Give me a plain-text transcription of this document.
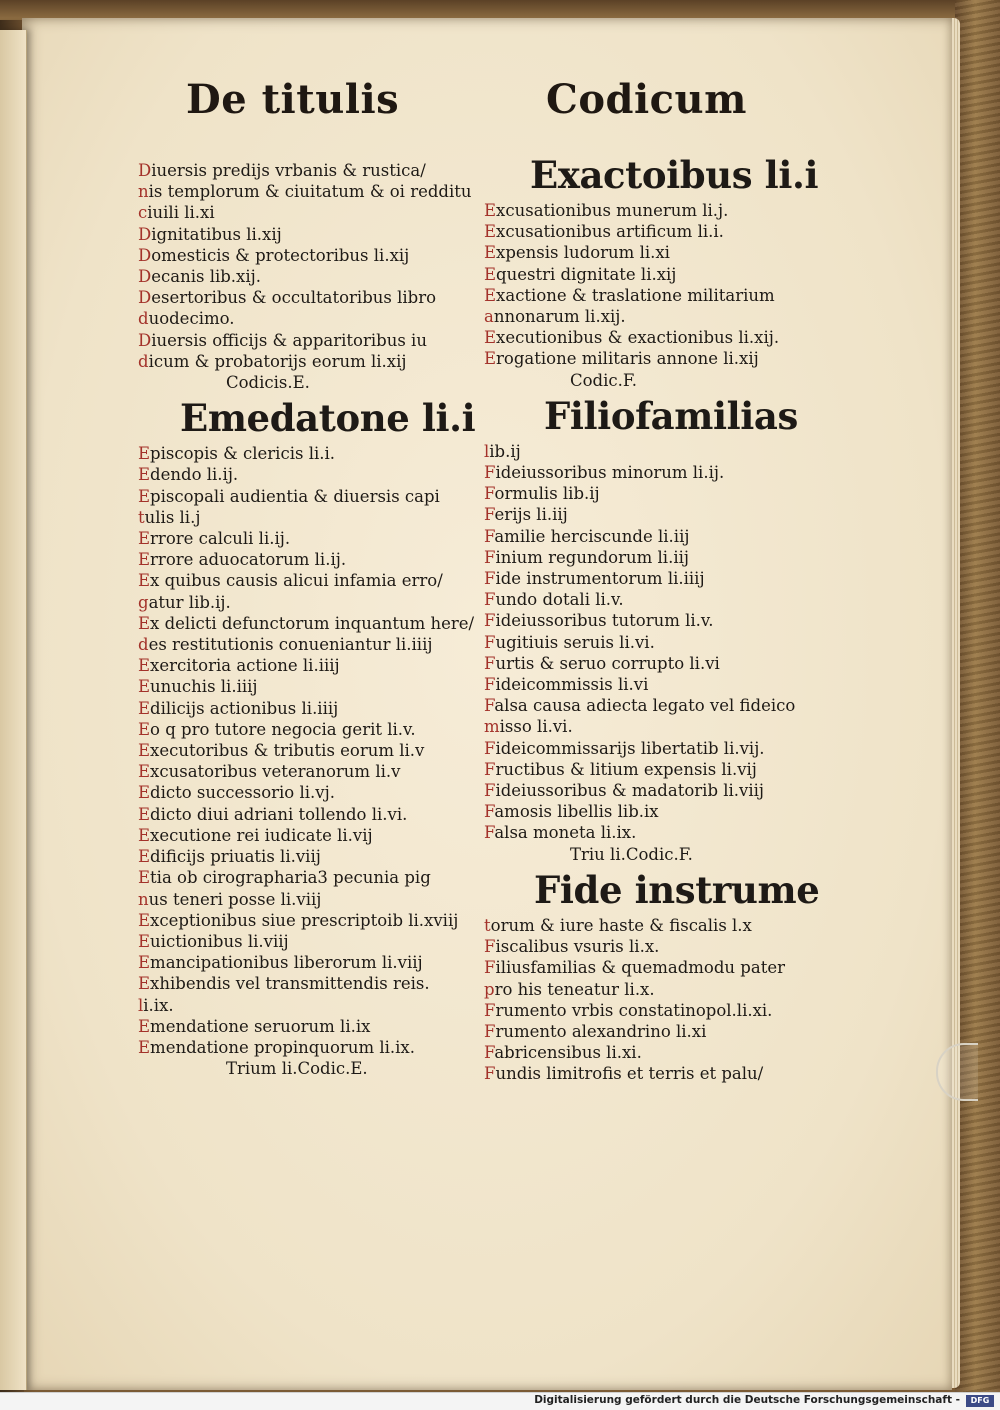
De titulis	Codicum
Diuersis predijs vrbanis & rustica/
nis templorum & ciuitatum & oi redditu
ciuili li.xi
Dignitatibus li.xij
Domesticis & protectoribus li.xij
Decanis lib.xij.
Desertoribus & occultatoribus libro
duodecimo.
Diuersis officijs & apparitoribus iu
dicum & probatorijs eorum li.xij
Codicis.E.
Emedatone li.i
Episcopis & clericis li.i.
Edendo li.ij.
Episcopali audientia & diuersis capi
tulis li.j
Errore calculi li.ij.
Errore aduocatorum li.ij.
Ex quibus causis alicui infamia erro/
gatur lib.ij.
Ex delicti defunctorum inquantum here/
des restitutionis conueniantur li.iiij
Exercitoria actione li.iiij
Eunuchis li.iiij
Edilicijs actionibus li.iiij
Eo q pro tutore negocia gerit li.v.
Executoribus & tributis eorum li.v
Excusatoribus veteranorum li.v
Edicto successorio li.vj.
Edicto diui adriani tollendo li.vi.
Executione rei iudicate li.vij
Edificijs priuatis li.viij
Etia ob cirographaria3 pecunia pig
nus teneri posse li.viij
Exceptionibus siue prescriptoib li.xviij
Euictionibus li.viij
Emancipationibus liberorum li.viij
Exhibendis vel transmittendis reis.
li.ix.
Emendatione seruorum li.ix
Emendatione propinquorum li.ix.
Trium li.Codic.E.
Exactoibus li.i
Excusationibus munerum li.j.
Excusationibus artificum li.i.
Expensis ludorum li.xi
Equestri dignitate li.xij
Exactione & traslatione militarium
annonarum li.xij.
Executionibus & exactionibus li.xij.
Erogatione militaris annone li.xij
Codic.F.
Filiofamilias
lib.ij
Fideiussoribus minorum li.ij.
Formulis lib.ij
Ferijs li.iij
Familie herciscunde li.iij
Finium regundorum li.iij
Fide instrumentorum li.iiij
Fundo dotali li.v.
Fideiussoribus tutorum li.v.
Fugitiuis seruis li.vi.
Furtis & seruo corrupto li.vi
Fideicommissis li.vi
Falsa causa adiecta legato vel fideico
misso li.vi.
Fideicommissarijs libertatib li.vij.
Fructibus & litium expensis li.vij
Fideiussoribus & madatorib li.viij
Famosis libellis lib.ix
Falsa moneta li.ix.
Triu li.Codic.F.
Fide instrume
torum & iure haste & fiscalis l.x
Fiscalibus vsuris li.x.
Filiusfamilias & quemadmodu pater
pro his teneatur li.x.
Frumento vrbis constatinopol.li.xi.
Frumento alexandrino li.xi
Fabricensibus li.xi.
Fundis limitrofis et terris et palu/
Digitalisierung gefördert durch die Deutsche Forschungsgemeinschaft -	DFG
